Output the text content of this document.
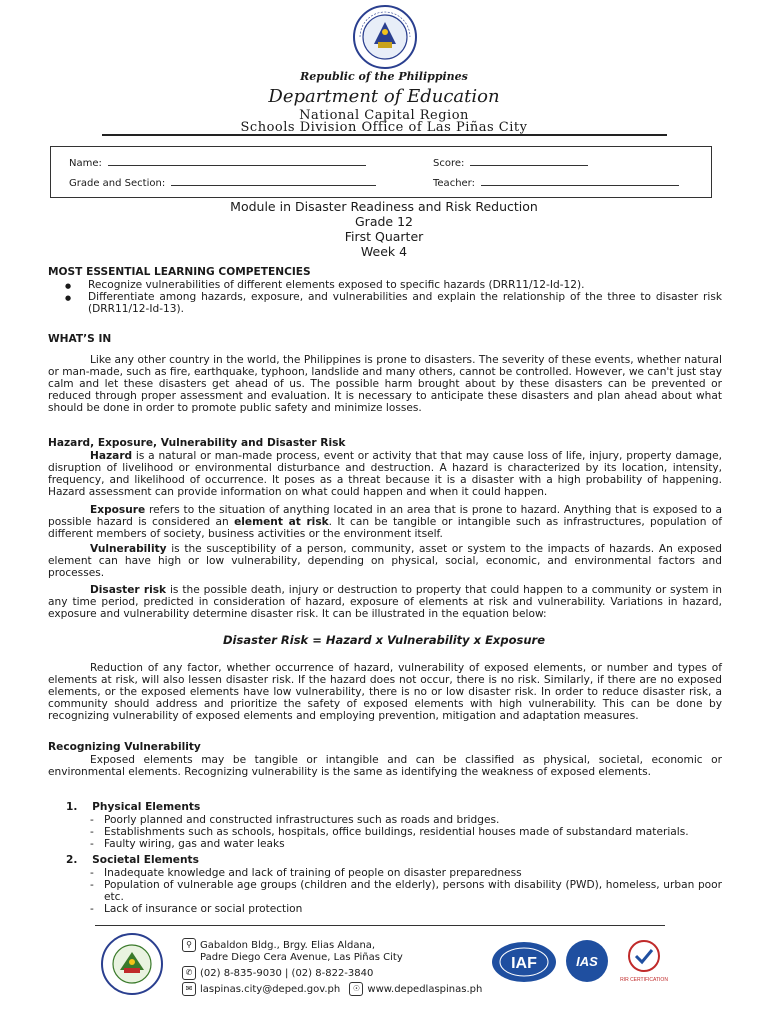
Republic of the Philippines
Department of Education
National Capital Region
Schools Division Office of Las Piñas City
Name:	Score:
Grade and Section:	Teacher:
Module in Disaster Readiness and Risk Reduction
Grade 12
First Quarter
Week 4
MOST ESSENTIAL LEARNING COMPETENCIES
● Recognize vulnerabilities of different elements exposed to specific hazards (DRR11/12-Id-12).
● Differentiate among hazards, exposure, and vulnerabilities and explain the relationship of the three to disaster risk (DRR11/12-Id-13).
WHAT’S IN
Like any other country in the world, the Philippines is prone to disasters. The severity of these events, whether natural or man-made, such as fire, earthquake, typhoon, landslide and many others, cannot be controlled. However, we can't just stay calm and let these disasters get ahead of us. The possible harm brought about by these disasters can be prevented or reduced through proper assessment and evaluation. It is necessary to anticipate these disasters and plan ahead about what should be done in order to promote public safety and minimize losses.
Hazard, Exposure, Vulnerability and Disaster Risk
Hazard is a natural or man-made process, event or activity that that may cause loss of life, injury, property damage, disruption of livelihood or environmental disturbance and destruction. A hazard is characterized by its location, intensity, frequency, and likelihood of occurrence. It poses as a threat because it is a disaster with a high probability of happening. Hazard assessment can provide information on what could happen and when it could happen.
Exposure refers to the situation of anything located in an area that is prone to hazard. Anything that is exposed to a possible hazard is considered an element at risk. It can be tangible or intangible such as infrastructures, population of different members of society, business activities or the environment itself.
Vulnerability is the susceptibility of a person, community, asset or system to the impacts of hazards. An exposed element can have high or low vulnerability, depending on physical, social, economic, and environmental factors and processes.
Disaster risk is the possible death, injury or destruction to property that could happen to a community or system in any time period, predicted in consideration of hazard, exposure of elements at risk and vulnerability. Variations in hazard, exposure and vulnerability determine disaster risk. It can be illustrated in the equation below:
Disaster Risk = Hazard x Vulnerability x Exposure
Reduction of any factor, whether occurrence of hazard, vulnerability of exposed elements, or number and types of elements at risk, will also lessen disaster risk. If the hazard does not occur, there is no risk. Similarly, if there are no exposed elements, or the exposed elements have low vulnerability, there is no or low disaster risk. In order to reduce disaster risk, a community should address and prioritize the safety of exposed elements with high vulnerability. This can be done by recognizing vulnerability of exposed elements and employing prevention, mitigation and adaptation measures.
Recognizing Vulnerability
Exposed elements may be tangible or intangible and can be classified as physical, societal, economic or environmental elements. Recognizing vulnerability is the same as identifying the weakness of exposed elements.
1. Physical Elements
- Poorly planned and constructed infrastructures such as roads and bridges.
- Establishments such as schools, hospitals, office buildings, residential houses made of substandard materials.
- Faulty wiring, gas and water leaks
2. Societal Elements
- Inadequate knowledge and lack of training of people on disaster preparedness
- Population of vulnerable age groups (children and the elderly), persons with disability (PWD), homeless, urban poor etc.
- Lack of insurance or social protection
⚲ Gabaldon Bldg., Brgy. Elias Aldana,
Padre Diego Cera Avenue, Las Piñas City
✆ (02) 8-835-9030 | (02) 8-822-3840
✉ laspinas.city@deped.gov.ph ☉ www.depedlaspinas.ph
IAF	IAS
RIR CERTIFICATION
